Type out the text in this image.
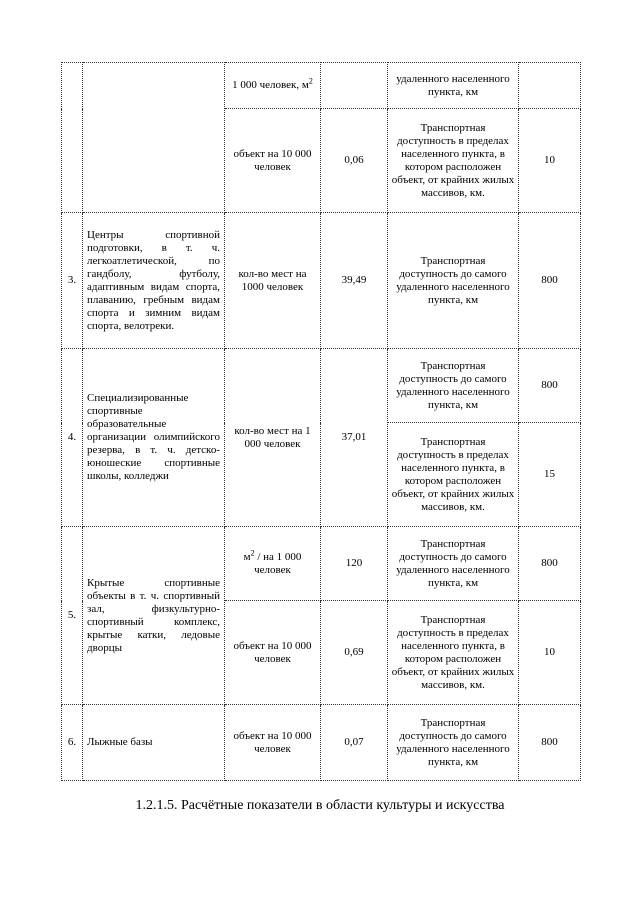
		1 000 человек, $м^2$		удаленного населенного пункта, км	
		объект на 10 000 человек	0,06	Транспортная доступность в пределах населенного пункта, в котором расположен объект, от крайних жилых массивов, км.	10
3.	Центры спортивной подготовки, в т. ч. легкоатлетической, по гандболу, футболу, адаптивным видам спорта, плаванию, гребным видам спорта и зимним видам спорта, велотреки.	кол-во мест на 1000 человек	39,49	Транспортная доступность до самого удаленного населенного пункта, км	800
4.	Специализированные спортивные образовательные организации олимпийского резерва, в т. ч. детско-юношеские спортивные школы, колледжи	кол-во мест на 1 000 человек	37,01	Транспортная доступность до самого удаленного населенного пункта, км	800
				Транспортная доступность в пределах населенного пункта, в котором расположен объект, от крайних жилых массивов, км.	15
5.	Крытые спортивные объекты в т. ч. спортивный зал, физкультурно-спортивный комплекс, крытые катки, ледовые дворцы	$м^2$ / на 1 000 человек	120	Транспортная доступность до самого удаленного населенного пункта, км	800
		объект на 10 000 человек	0,69	Транспортная доступность в пределах населенного пункта, в котором расположен объект, от крайних жилых массивов, км.	10
6.	Лыжные базы	объект на 10 000 человек	0,07	Транспортная доступность до самого удаленного населенного пункта, км	800
1.2.1.5. Расчётные показатели в области культуры и искусства
